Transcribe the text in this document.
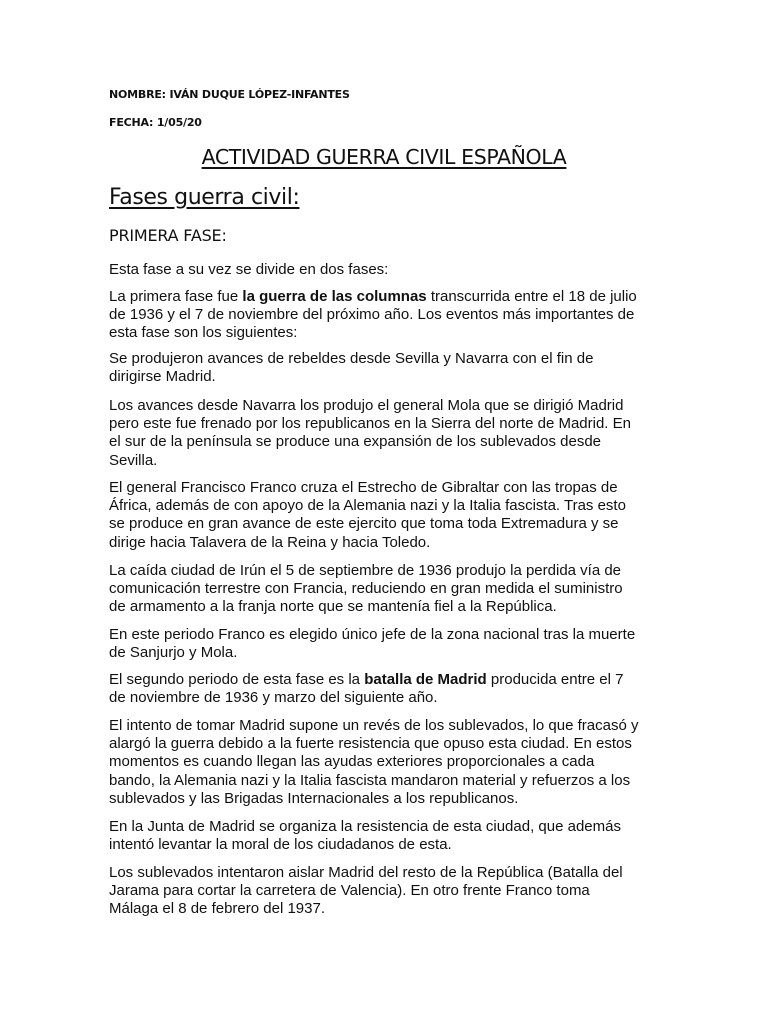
NOMBRE: IVÁN DUQUE LÓPEZ-INFANTES
FECHA: 1/05/20
ACTIVIDAD GUERRA CIVIL ESPAÑOLA
Fases guerra civil:
PRIMERA FASE:
Esta fase a su vez se divide en dos fases:
La primera fase fue la guerra de las columnas transcurrida entre el 18 de julio
de 1936 y el 7 de noviembre del próximo año. Los eventos más importantes de
esta fase son los siguientes:
Se produjeron avances de rebeldes desde Sevilla y Navarra con el fin de
dirigirse Madrid.
Los avances desde Navarra los produjo el general Mola que se dirigió Madrid
pero este fue frenado por los republicanos en la Sierra del norte de Madrid. En
el sur de la península se produce una expansión de los sublevados desde
Sevilla.
El general Francisco Franco cruza el Estrecho de Gibraltar con las tropas de
África, además de con apoyo de la Alemania nazi y la Italia fascista. Tras esto
se produce en gran avance de este ejercito que toma toda Extremadura y se
dirige hacia Talavera de la Reina y hacia Toledo.
La caída ciudad de Irún el 5 de septiembre de 1936 produjo la perdida vía de
comunicación terrestre con Francia, reduciendo en gran medida el suministro
de armamento a la franja norte que se mantenía fiel a la República.
En este periodo Franco es elegido único jefe de la zona nacional tras la muerte
de Sanjurjo y Mola.
El segundo periodo de esta fase es la batalla de Madrid producida entre el 7
de noviembre de 1936 y marzo del siguiente año.
El intento de tomar Madrid supone un revés de los sublevados, lo que fracasó y
alargó la guerra debido a la fuerte resistencia que opuso esta ciudad. En estos
momentos es cuando llegan las ayudas exteriores proporcionales a cada
bando, la Alemania nazi y la Italia fascista mandaron material y refuerzos a los
sublevados y las Brigadas Internacionales a los republicanos.
En la Junta de Madrid se organiza la resistencia de esta ciudad, que además
intentó levantar la moral de los ciudadanos de esta.
Los sublevados intentaron aislar Madrid del resto de la República (Batalla del
Jarama para cortar la carretera de Valencia). En otro frente Franco toma
Málaga el 8 de febrero del 1937.
